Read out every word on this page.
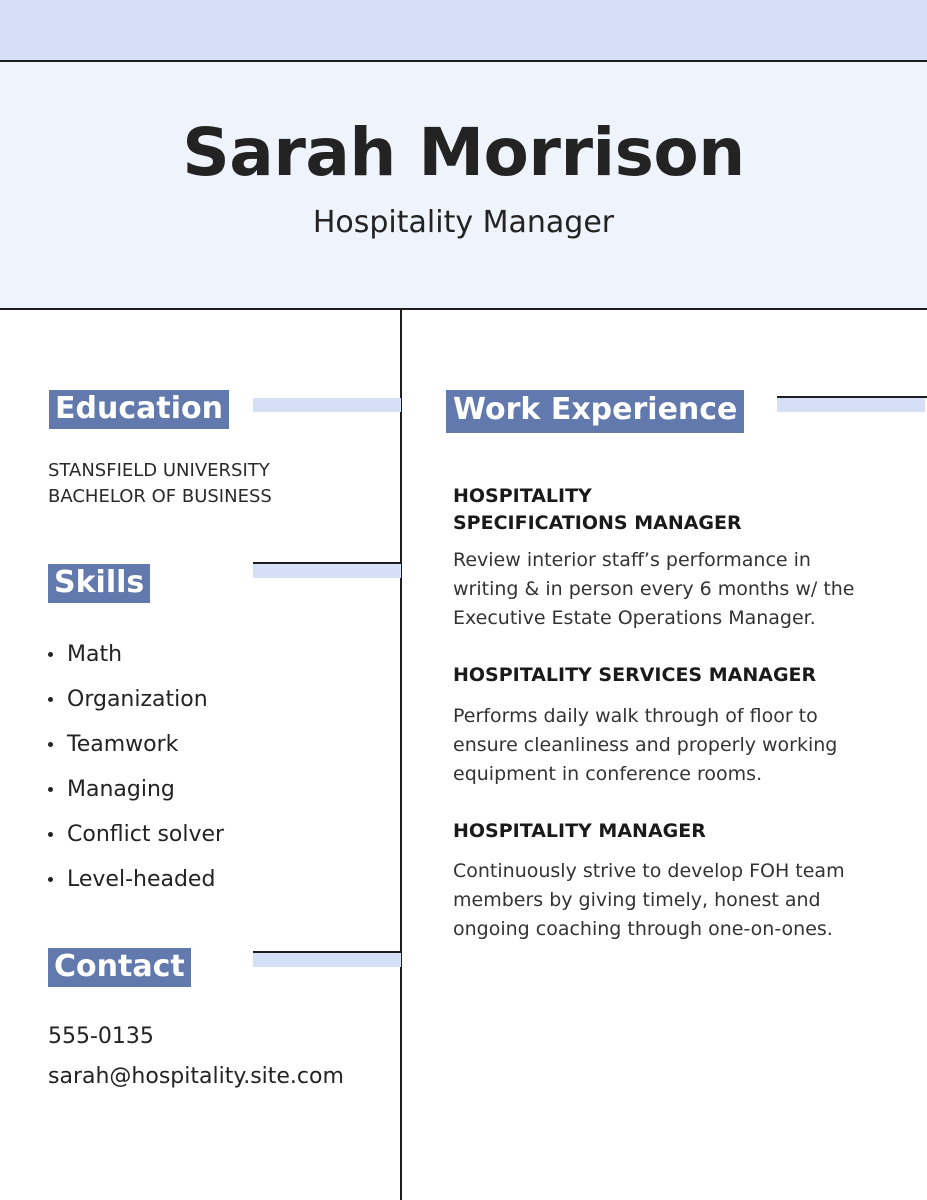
Sarah Morrison
Hospitality Manager
Education
STANSFIELD UNIVERSITY
BACHELOR OF BUSINESS
Skills
Math
Organization
Teamwork
Managing
Conflict solver
Level-headed
Contact
555-0135
sarah@hospitality.site.com
Work Experience
HOSPITALITY
SPECIFICATIONS MANAGER
Review interior staff’s performance in
writing & in person every 6 months w/ the
Executive Estate Operations Manager.
HOSPITALITY SERVICES MANAGER
Performs daily walk through of floor to
ensure cleanliness and properly working
equipment in conference rooms.
HOSPITALITY MANAGER
Continuously strive to develop FOH team
members by giving timely, honest and
ongoing coaching through one-on-ones.
